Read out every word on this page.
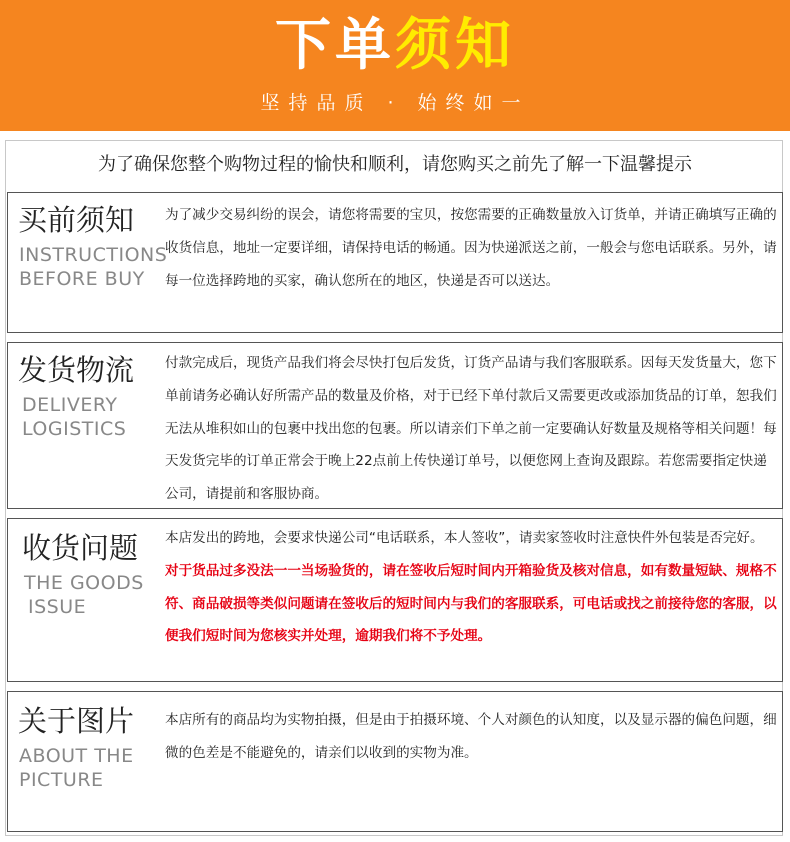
下单须知
坚持品质 · 始终如一
为了确保您整个购物过程的愉快和顺利，请您购买之前先了解一下温馨提示
买前须知
INSTRUCTIONS
BEFORE BUY
为了减少交易纠纷的误会，请您将需要的宝贝，按您需要的正确数量放入订货单，并请正确填写正确的收货信息，地址一定要详细，请保持电话的畅通。因为快递派送之前，一般会与您电话联系。另外，请每一位选择跨地的买家，确认您所在的地区，快递是否可以送达。
发货物流
DELIVERY
LOGISTICS
付款完成后，现货产品我们将会尽快打包后发货，订货产品请与我们客服联系。因每天发货量大，您下单前请务必确认好所需产品的数量及价格，对于已经下单付款后又需要更改或添加货品的订单，恕我们无法从堆积如山的包裹中找出您的包裹。所以请亲们下单之前一定要确认好数量及规格等相关问题！每天发货完毕的订单正常会于晚上22点前上传快递订单号，以便您网上查询及跟踪。若您需要指定快递公司，请提前和客服协商。
收货问题
THE GOODS
ISSUE
本店发出的跨地，会要求快递公司“电话联系，本人签收”，请卖家签收时注意快件外包装是否完好。对于货品过多没法一一当场验货的，请在签收后短时间内开箱验货及核对信息，如有数量短缺、规格不符、商品破损等类似问题请在签收后的短时间内与我们的客服联系，可电话或找之前接待您的客服，以便我们短时间为您核实并处理，逾期我们将不予处理。
关于图片
ABOUT THE
PICTURE
本店所有的商品均为实物拍摄，但是由于拍摄环境、个人对颜色的认知度，以及显示器的偏色问题，细微的色差是不能避免的，请亲们以收到的实物为准。
